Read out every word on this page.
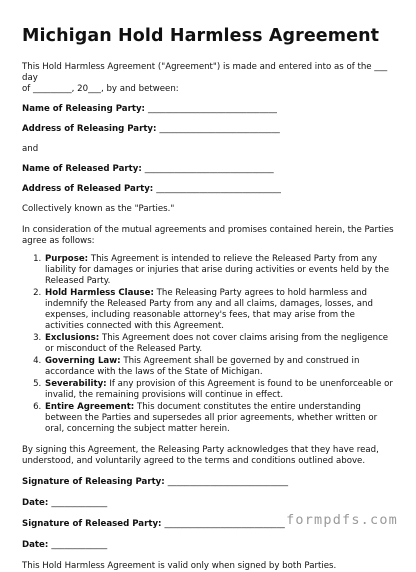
Michigan Hold Harmless Agreement

This Hold Harmless Agreement ("Agreement") is made and entered into as of the ___ day

of _________, 20___, by and between:

Name of Releasing Party: ______________________________
Address of Releasing Party: ____________________________

and

Name of Released Party: ______________________________
Address of Released Party: _____________________________

Collectively known as the "Parties."

In consideration of the mutual agreements and promises contained herein, the Parties agree as follows:

1. Purpose: This Agreement is intended to relieve the Released Party from any liability for damages or injuries that arise during activities or events held by the Released Party.
2. Hold Harmless Clause: The Releasing Party agrees to hold harmless and indemnify the Released Party from any and all claims, damages, losses, and expenses, including reasonable attorney's fees, that may arise from the activities connected with this Agreement.
3. Exclusions: This Agreement does not cover claims arising from the negligence or misconduct of the Released Party.
4. Governing Law: This Agreement shall be governed by and construed in accordance with the laws of the State of Michigan.
5. Severability: If any provision of this Agreement is found to be unenforceable or invalid, the remaining provisions will continue in effect.
6. Entire Agreement: This document constitutes the entire understanding between the Parties and supersedes all prior agreements, whether written or oral, concerning the subject matter herein.

By signing this Agreement, the Releasing Party acknowledges that they have read, understood, and voluntarily agreed to the terms and conditions outlined above.

Signature of Releasing Party: ____________________________
Date: _____________
Signature of Released Party: ____________________________
Date: _____________

This Hold Harmless Agreement is valid only when signed by both Parties.

formpdfs.com
